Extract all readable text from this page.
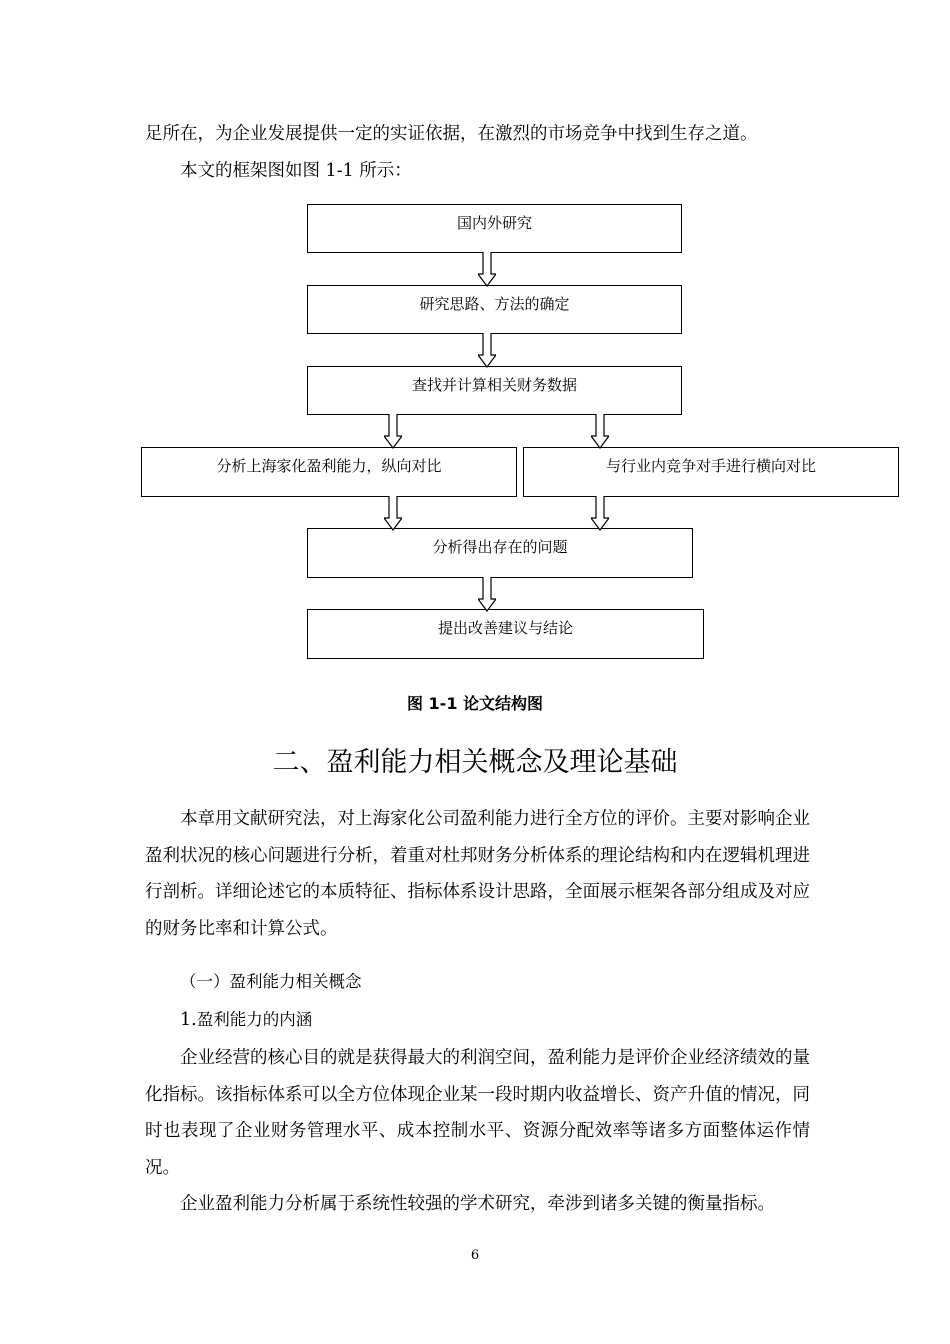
足所在，为企业发展提供一定的实证依据，在激烈的市场竞争中找到生存之道。

本文的框架图如图 1-1 所示：

国内外研究
研究思路、方法的确定
查找并计算相关财务数据
分析上海家化盈利能力，纵向对比	与行业内竞争对手进行横向对比
分析得出存在的问题
提出改善建议与结论
图 1-1 论文结构图
二、盈利能力相关概念及理论基础

本章用文献研究法，对上海家化公司盈利能力进行全方位的评价。主要对影响企业盈利状况的核心问题进行分析，着重对杜邦财务分析体系的理论结构和内在逻辑机理进行剖析。详细论述它的本质特征、指标体系设计思路，全面展示框架各部分组成及对应的财务比率和计算公式。

（一）盈利能力相关概念

1.盈利能力的内涵

企业经营的核心目的就是获得最大的利润空间，盈利能力是评价企业经济绩效的量化指标。该指标体系可以全方位体现企业某一段时期内收益增长、资产升值的情况，同时也表现了企业财务管理水平、成本控制水平、资源分配效率等诸多方面整体运作情况。

企业盈利能力分析属于系统性较强的学术研究，牵涉到诸多关键的衡量指标。

6
